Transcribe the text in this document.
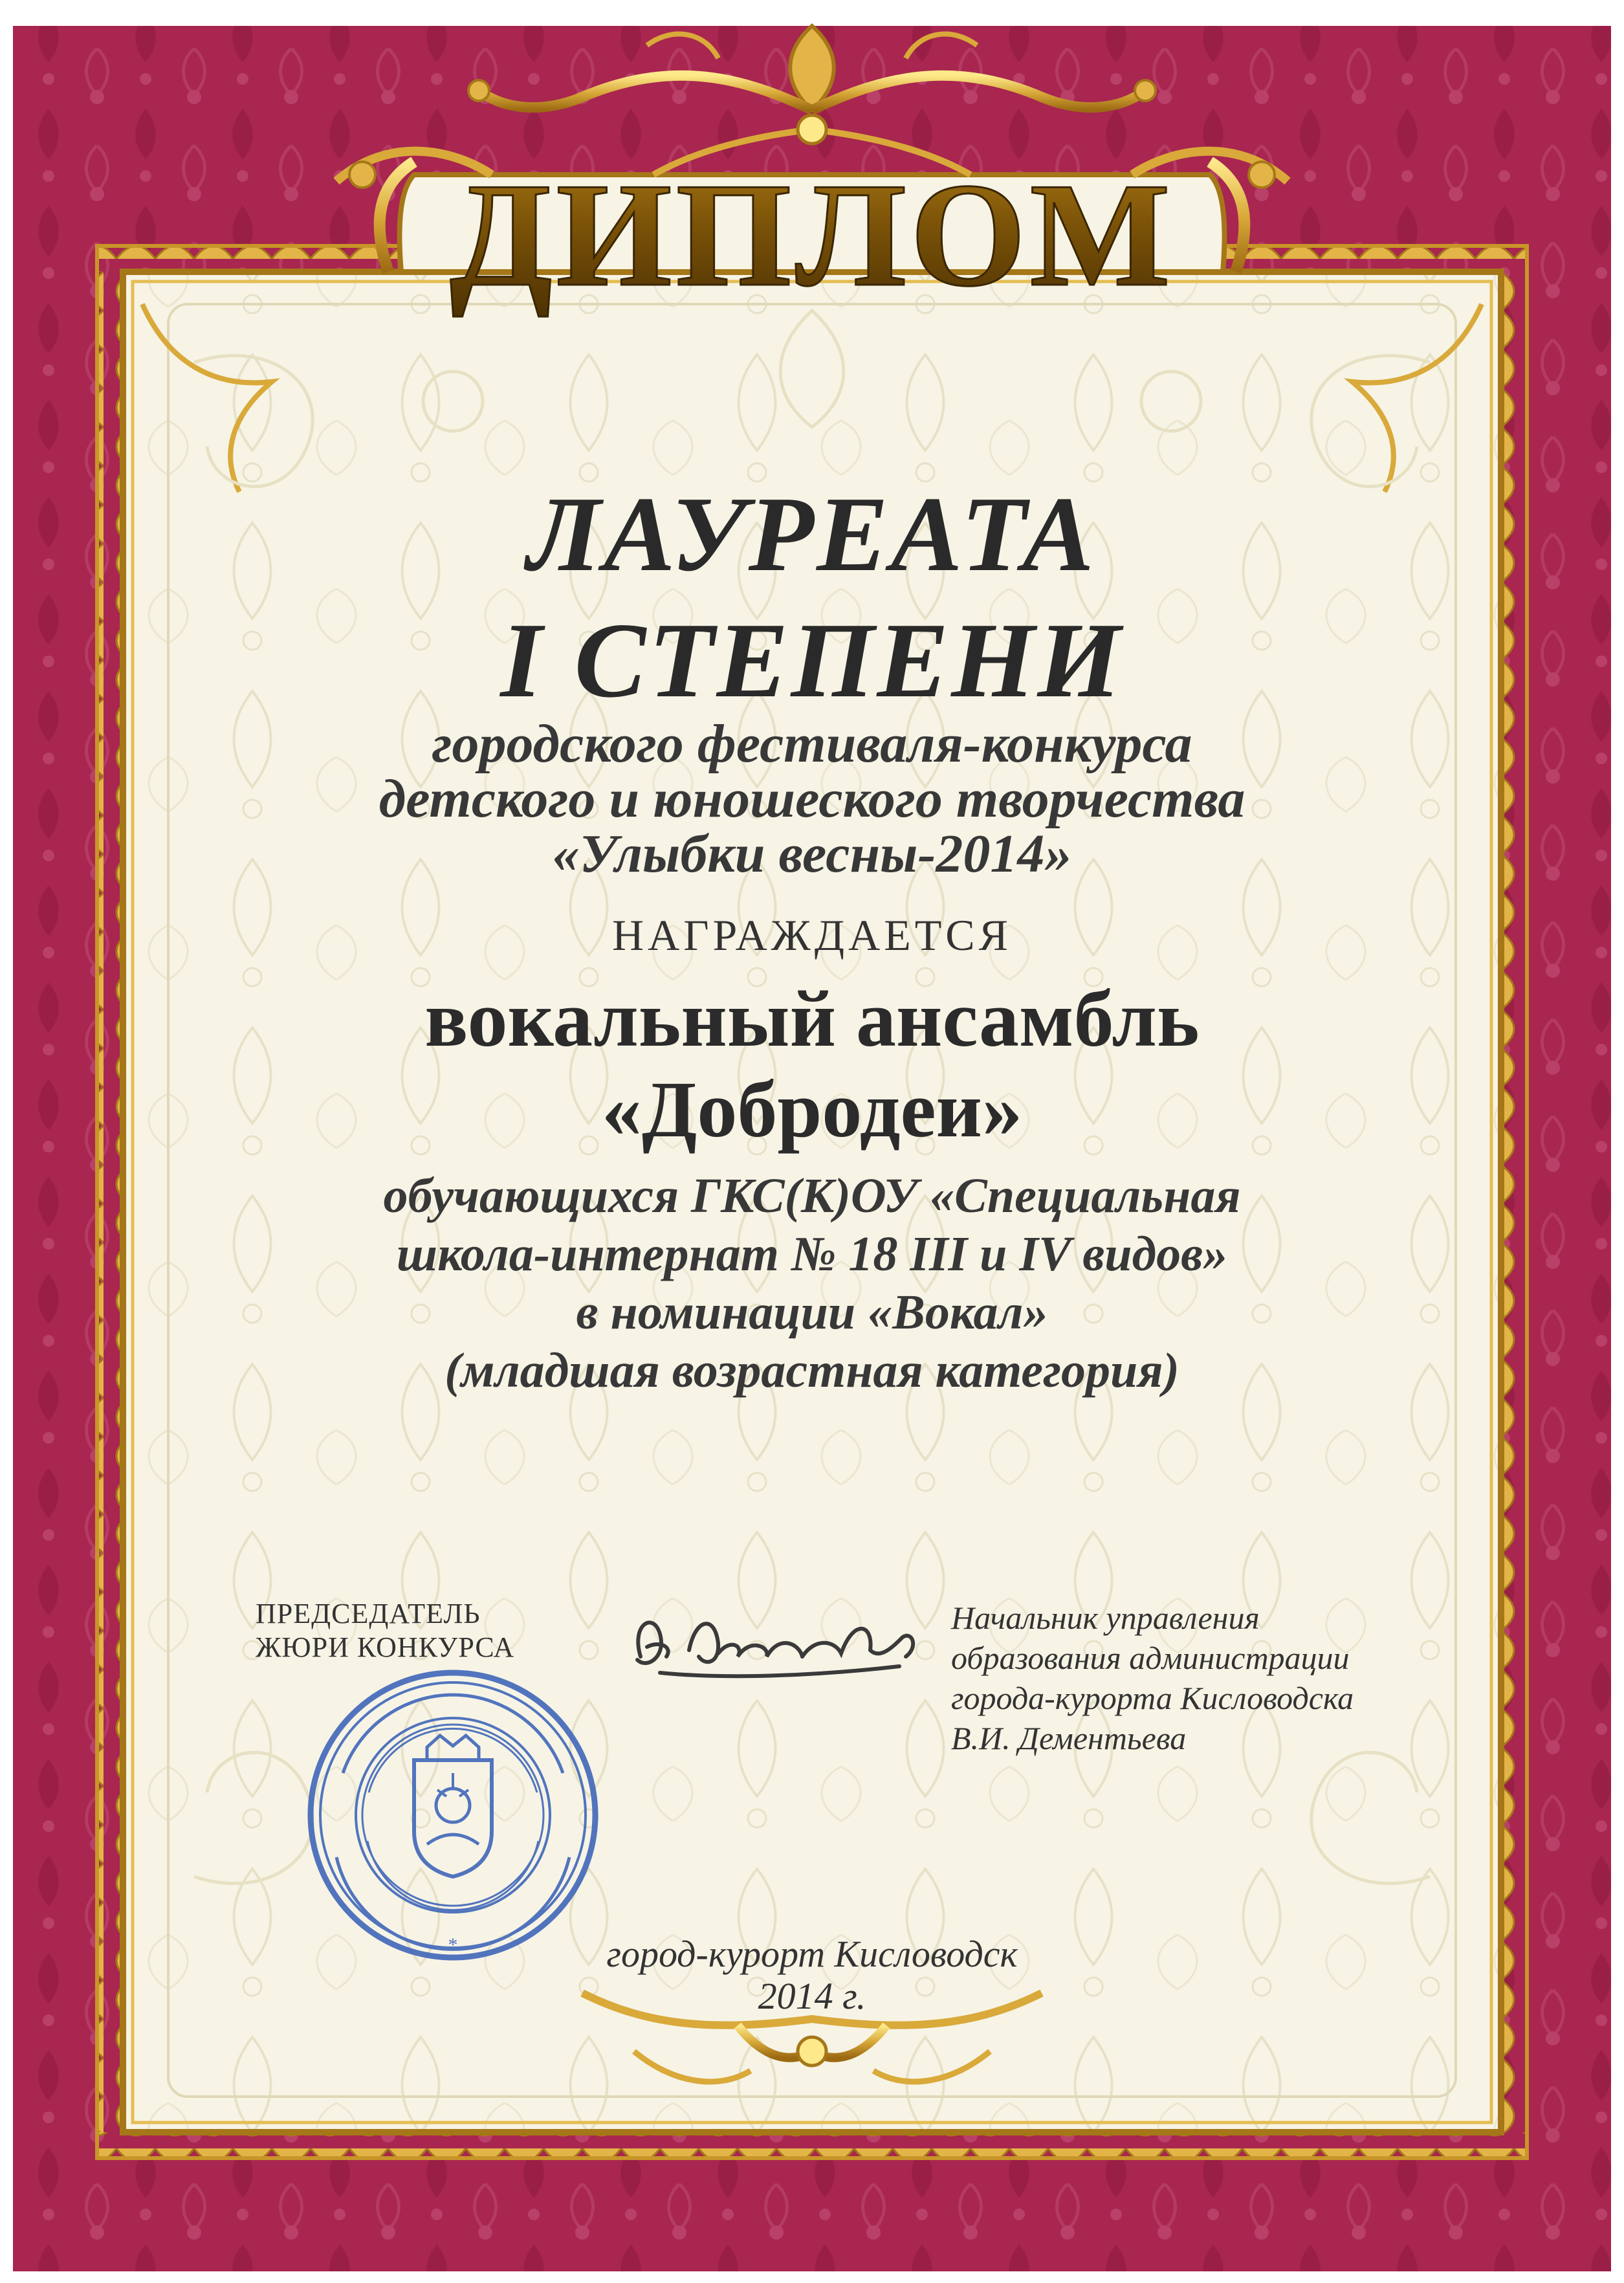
ДИПЛОМ
*

ЛАУРЕАТА

I СТЕПЕНИ

городского фестиваля-конкурса

детского и юношеского творчества

«Улыбки весны-2014»

НАГРАЖДАЕТСЯ

вокальный ансамбль

«Добродеи»

обучающихся ГКС(К)ОУ «Специальная

школа-интернат № 18 III и IV видов»

в номинации «Вокал»

(младшая возрастная категория)

ПРЕДСЕДАТЕЛЬ

ЖЮРИ КОНКУРСА

Начальник управления

образования администрации

города-курорта Кисловодска

В.И. Дементьева

город-курорт Кисловодск

2014 г.
